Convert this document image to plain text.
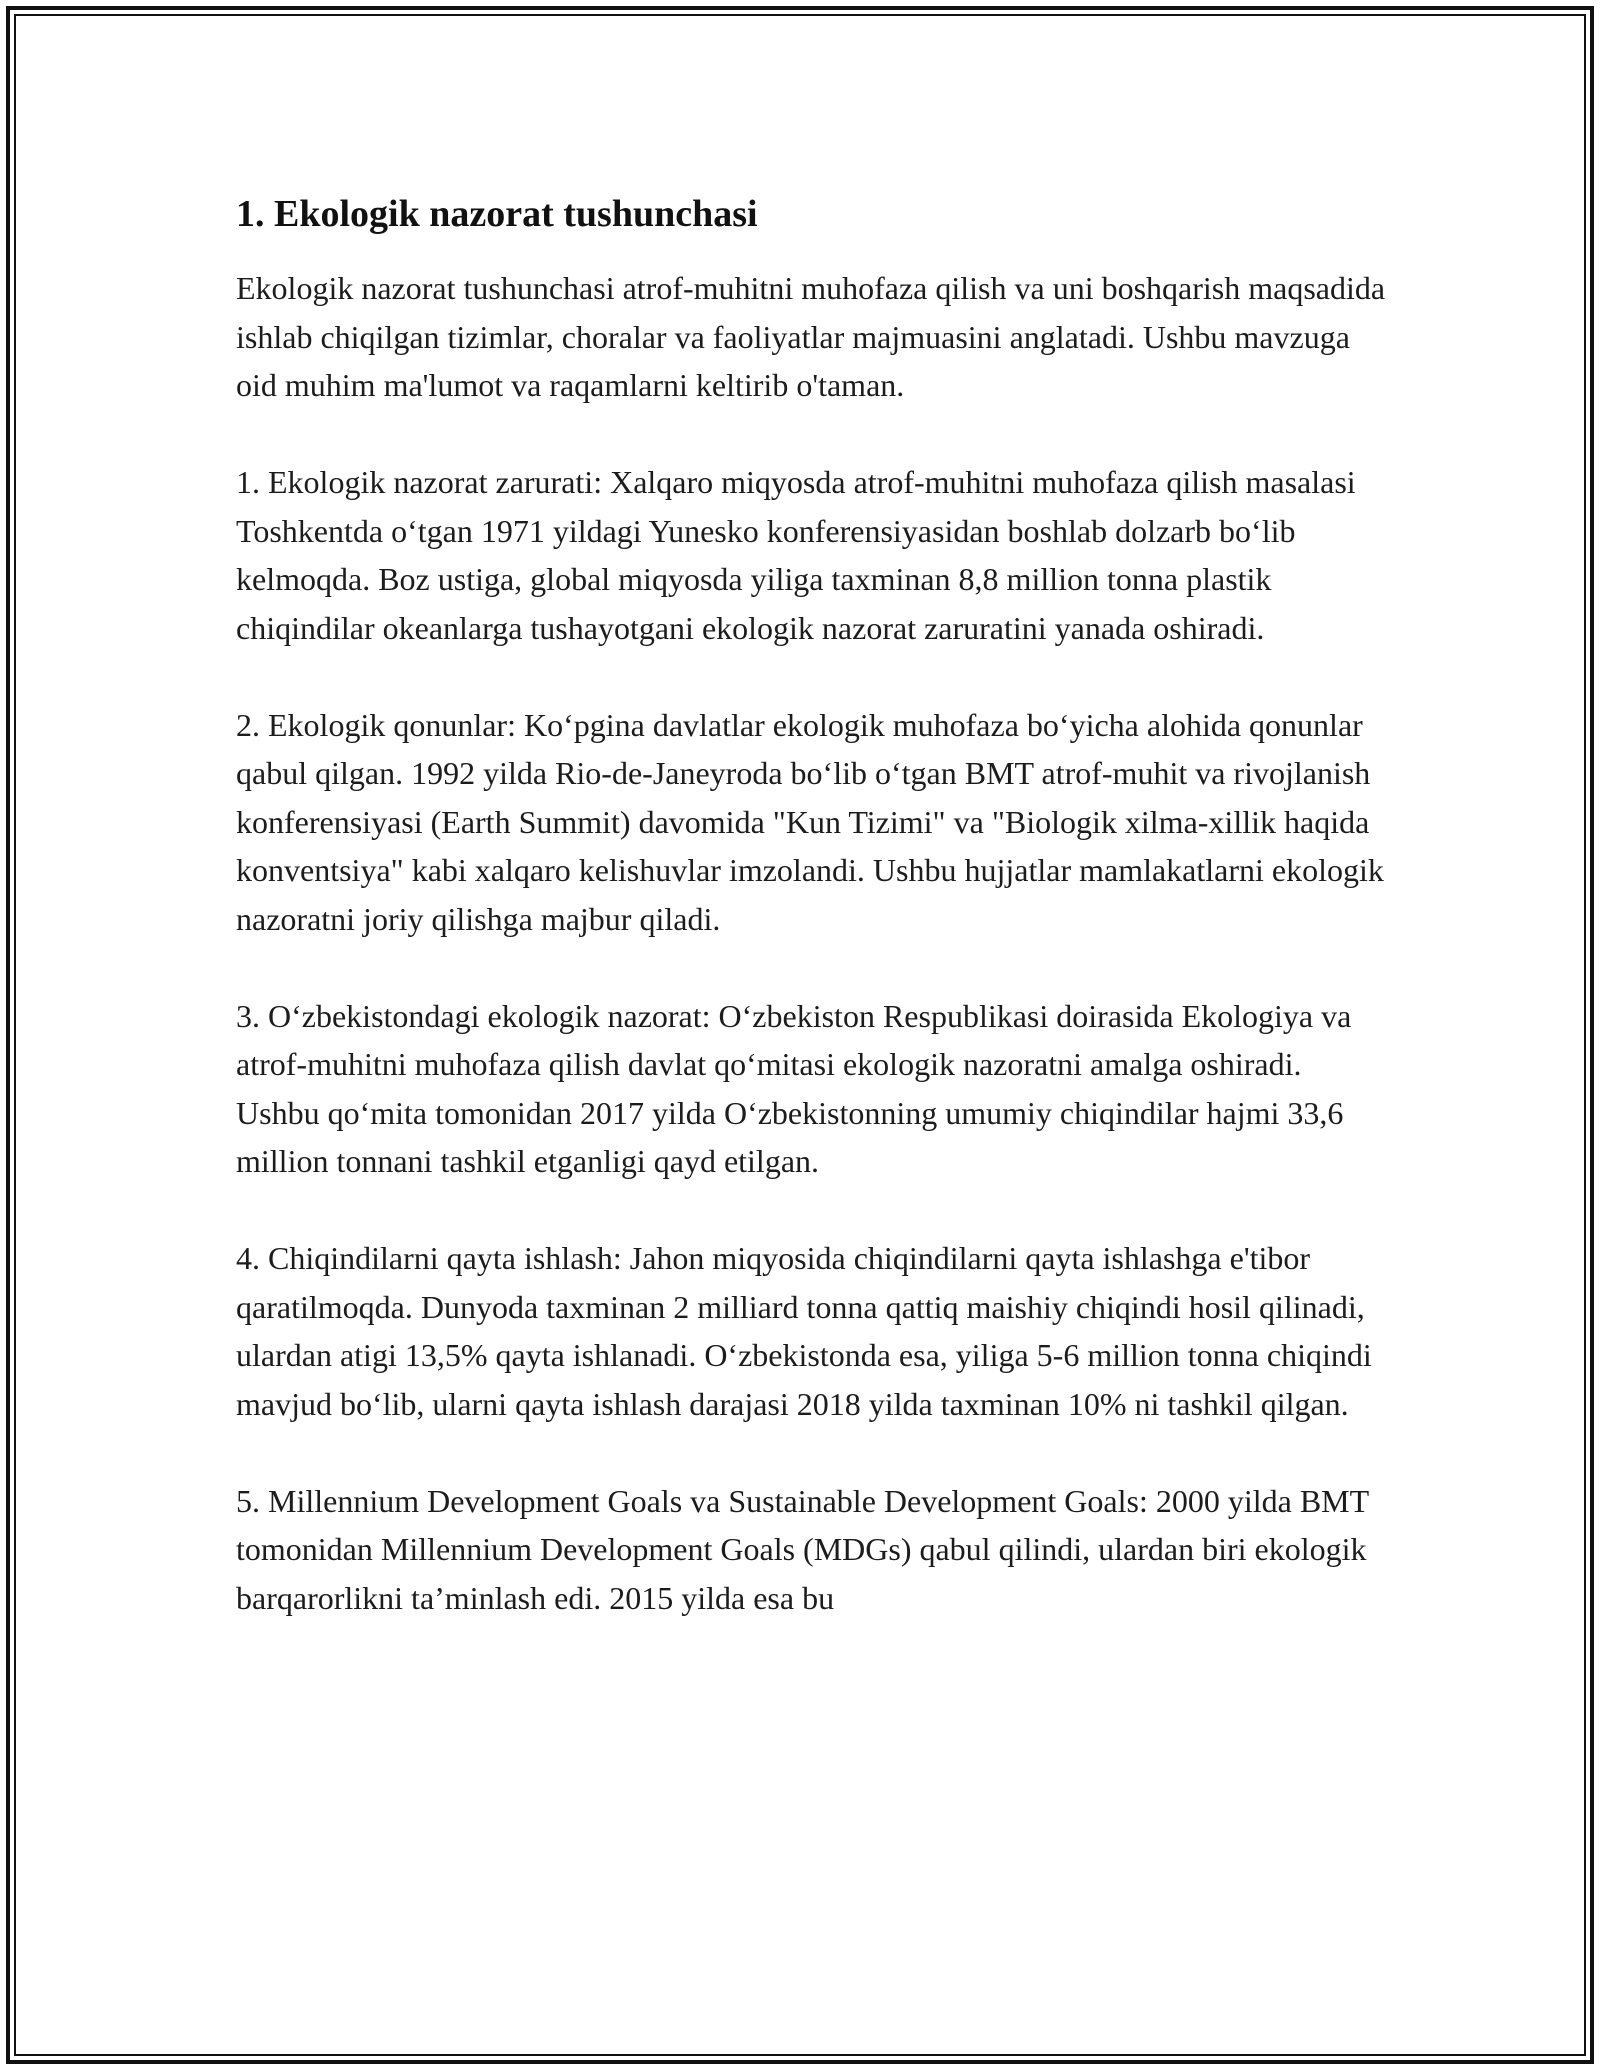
1. Ekologik nazorat tushunchasi

Ekologik nazorat tushunchasi atrof-muhitni muhofaza qilish va uni boshqarish maqsadida ishlab chiqilgan tizimlar, choralar va faoliyatlar majmuasini anglatadi. Ushbu mavzuga oid muhim ma'lumot va raqamlarni keltirib o'taman.

1. Ekologik nazorat zarurati: Xalqaro miqyosda atrof-muhitni muhofaza qilish masalasi Toshkentda oʻtgan 1971 yildagi Yunesko konferensiyasidan boshlab dolzarb boʻlib kelmoqda. Boz ustiga, global miqyosda yiliga taxminan 8,8 million tonna plastik chiqindilar okeanlarga tushayotgani ekologik nazorat zaruratini yanada oshiradi.

2. Ekologik qonunlar: Koʻpgina davlatlar ekologik muhofaza boʻyicha alohida qonunlar qabul qilgan. 1992 yilda Rio-de-Janeyroda boʻlib oʻtgan BMT atrof-muhit va rivojlanish konferensiyasi (Earth Summit) davomida "Kun Tizimi" va "Biologik xilma-xillik haqida konventsiya" kabi xalqaro kelishuvlar imzolandi. Ushbu hujjatlar mamlakatlarni ekologik nazoratni joriy qilishga majbur qiladi.

3. Oʻzbekistondagi ekologik nazorat: Oʻzbekiston Respublikasi doirasida Ekologiya va atrof-muhitni muhofaza qilish davlat qoʻmitasi ekologik nazoratni amalga oshiradi. Ushbu qoʻmita tomonidan 2017 yilda Oʻzbekistonning umumiy chiqindilar hajmi 33,6 million tonnani tashkil etganligi qayd etilgan.

4. Chiqindilarni qayta ishlash: Jahon miqyosida chiqindilarni qayta ishlashga e'tibor qaratilmoqda. Dunyoda taxminan 2 milliard tonna qattiq maishiy chiqindi hosil qilinadi, ulardan atigi 13,5% qayta ishlanadi. Oʻzbekistonda esa, yiliga 5-6 million tonna chiqindi mavjud boʻlib, ularni qayta ishlash darajasi 2018 yilda taxminan 10% ni tashkil qilgan.

5. Millennium Development Goals va Sustainable Development Goals: 2000 yilda BMT tomonidan Millennium Development Goals (MDGs) qabul qilindi, ulardan biri ekologik barqarorlikni taʼminlash edi. 2015 yilda esa bu
